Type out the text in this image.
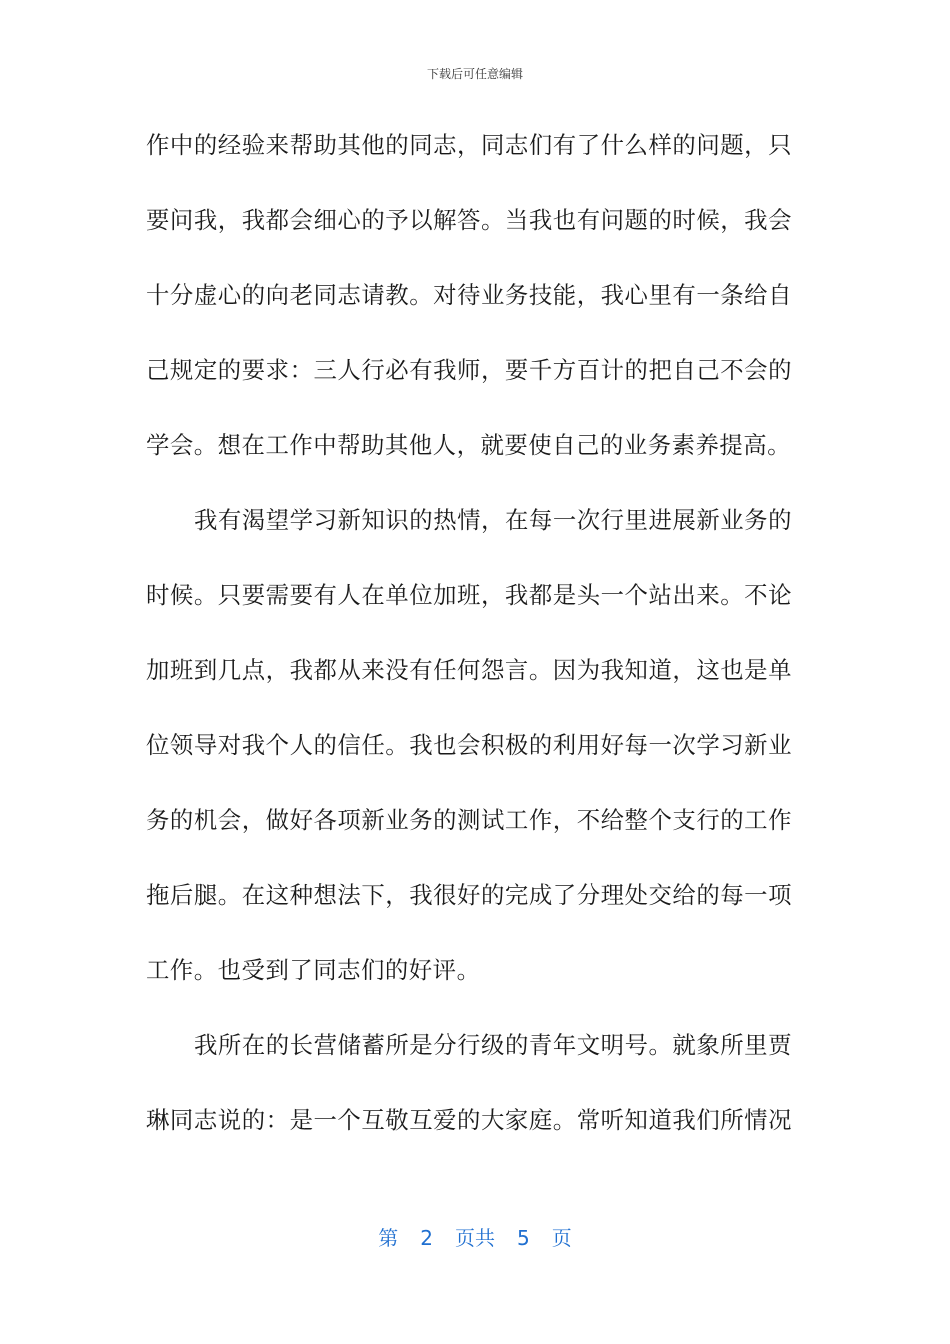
下载后可任意编辑
作中的经验来帮助其他的同志，同志们有了什么样的问题，只
要问我，我都会细心的予以解答。当我也有问题的时候，我会
十分虚心的向老同志请教。对待业务技能，我心里有一条给自
己规定的要求：三人行必有我师，要千方百计的把自己不会的
学会。想在工作中帮助其他人，就要使自己的业务素养提高。
我有渴望学习新知识的热情，在每一次行里进展新业务的
时候。只要需要有人在单位加班，我都是头一个站出来。不论
加班到几点，我都从来没有任何怨言。因为我知道，这也是单
位领导对我个人的信任。我也会积极的利用好每一次学习新业
务的机会，做好各项新业务的测试工作，不给整个支行的工作
拖后腿。在这种想法下，我很好的完成了分理处交给的每一项
工作。也受到了同志们的好评。
我所在的长营储蓄所是分行级的青年文明号。就象所里贾
琳同志说的：是一个互敬互爱的大家庭。常听知道我们所情况
第 2 页共 5 页
